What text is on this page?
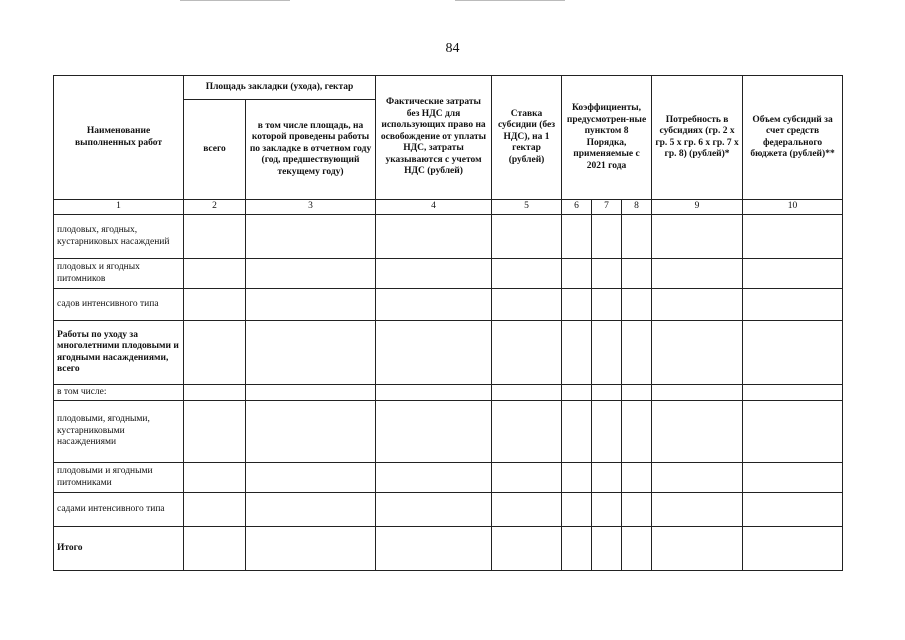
84
Наименование выполненных работ	Площадь закладки (ухода), гектар		Фактические затраты без НДС для использующих право на освобождение от уплаты НДС, затраты указываются с учетом НДС (рублей)	Ставка субсидии (без НДС), на 1 гектар (рублей)	Коэффициенты, предусмотрен-ные пунктом 8 Порядка, применяемые с 2021 года			Потребность в субсидиях (гр. 2 x гр. 5 x гр. 6 x гр. 7 x гр. 8) (рублей)*	Объем субсидий за счет средств федерального бюджета (рублей)**
	всего	в том числе площадь, на которой проведены работы по закладке в отчетном году (год, предшествующий текущему году)							
1	2	3	4	5	6	7	8	9	10
плодовых, ягодных, кустарниковых насаждений									
плодовых и ягодных питомников									
садов интенсивного типа									
Работы по уходу за многолетними плодовыми и ягодными насаждениями, всего									
в том числе:									
плодовыми, ягодными, кустарниковыми насаждениями									
плодовыми и ягодными питомниками									
садами интенсивного типа									
Итого									
